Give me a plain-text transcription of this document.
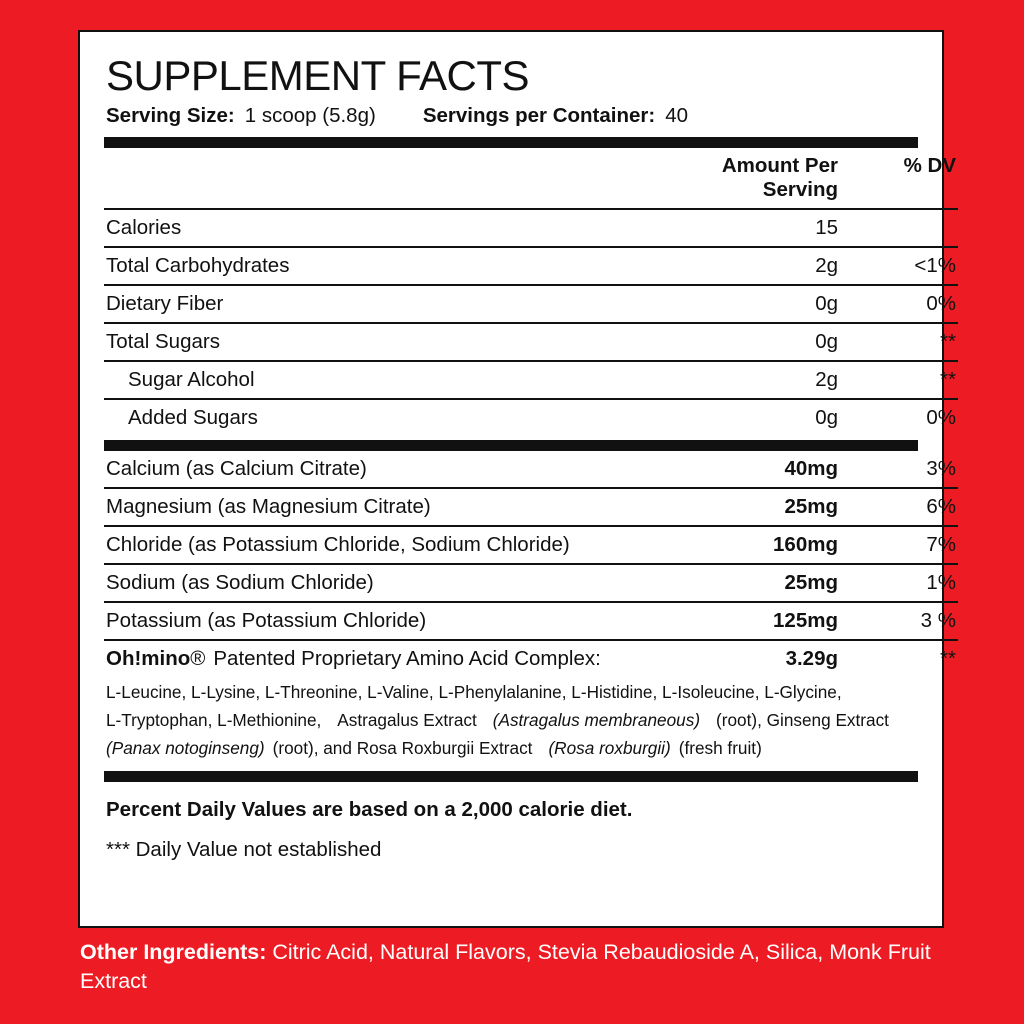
SUPPLEMENT FACTS
Serving Size: 1 scoop (5.8g) Servings per Container: 40
	Amount Per Serving	% DV
Calories	15	
Total Carbohydrates	2g	<1%
Dietary Fiber	0g	0%
Total Sugars	0g	**
Sugar Alcohol	2g	**
Added Sugars	0g	0%
Calcium (as Calcium Citrate)	40mg	3%
Magnesium (as Magnesium Citrate)	25mg	6%
Chloride (as Potassium Chloride, Sodium Chloride)	160mg	7%
Sodium (as Sodium Chloride)	25mg	1%
Potassium (as Potassium Chloride)	125mg	3 %
Oh!mino® Patented Proprietary Amino Acid Complex:	3.29g	**
L-Leucine, L-Lysine, L-Threonine, L-Valine, L-Phenylalanine, L-Histidine, L-Isoleucine, L-Glycine,
L-Tryptophan, L-Methionine, Astragalus Extract (Astragalus membraneous) (root), Ginseng Extract
(Panax notoginseng) (root), and Rosa Roxburgii Extract (Rosa roxburgii) (fresh fruit)
Percent Daily Values are based on a 2,000 calorie diet.
*** Daily Value not established
Other Ingredients: Citric Acid, Natural Flavors, Stevia Rebaudioside A, Silica, Monk Fruit Extract
